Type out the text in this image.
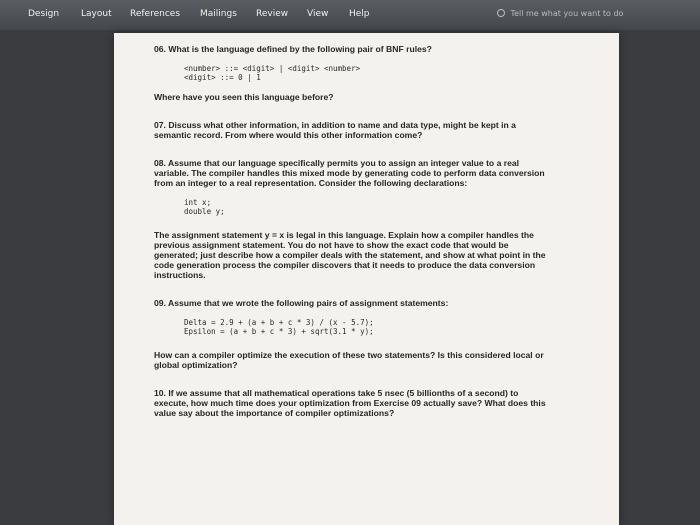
Design Layout References Mailings Review View Help	Tell me what you want to do
06. What is the language defined by the following pair of BNF rules?
<number> ::= <digit> | <digit> <number>
<digit> ::= 0 | 1
Where have you seen this language before?
07. Discuss what other information, in addition to name and data type, might be kept in a semantic record. From where would this other information come?
08. Assume that our language specifically permits you to assign an integer value to a real variable. The compiler handles this mixed mode by generating code to perform data conversion from an integer to a real representation. Consider the following declarations:
int x;
double y;
The assignment statement y = x is legal in this language. Explain how a compiler handles the previous assignment statement. You do not have to show the exact code that would be generated; just describe how a compiler deals with the statement, and show at what point in the code generation process the compiler discovers that it needs to produce the data conversion instructions.
09. Assume that we wrote the following pairs of assignment statements:
Delta = 2.9 + (a + b + c * 3) / (x - 5.7);
Epsilon = (a + b + c * 3) + sqrt(3.1 * y);
How can a compiler optimize the execution of these two statements? Is this considered local or global optimization?
10. If we assume that all mathematical operations take 5 nsec (5 billionths of a second) to execute, how much time does your optimization from Exercise 09 actually save? What does this value say about the importance of compiler optimizations?
